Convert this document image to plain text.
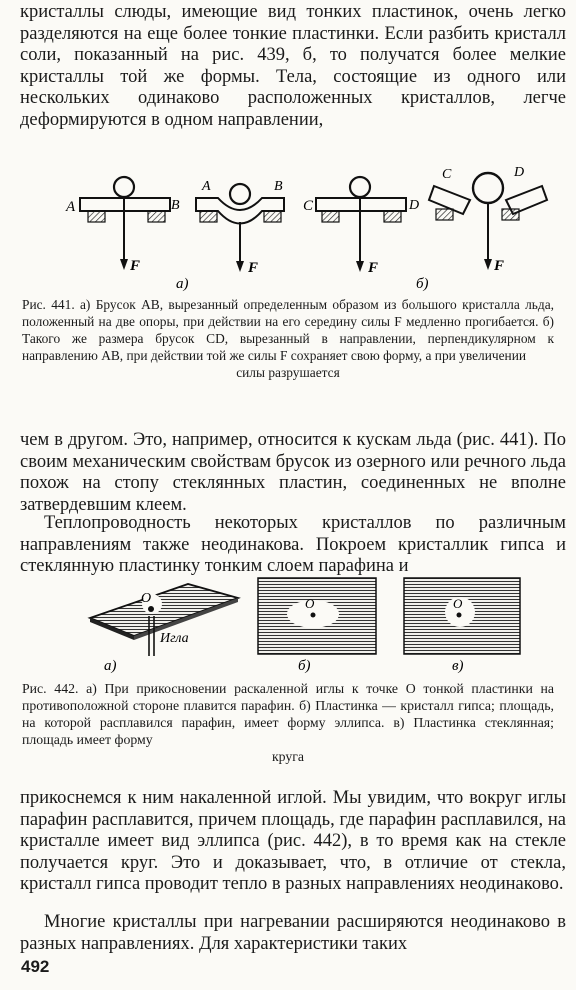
кристаллы слюды, имеющие вид тонких пластинок, очень легко разделяются на еще более тонкие пластинки. Если разбить кристалл соли, показанный на рис. 439, б, то получатся более мелкие кристаллы той же формы. Тела, состоящие из одного или нескольких одинаково расположенных кристаллов, легче деформируются в одном направлении,

A	B
F
A	B
F
а)
C	D
F
C	D
F
б)

Рис. 441. а) Брусок AB, вырезанный определенным образом из большого кристалла льда, положенный на две опоры, при действии на его середину силы F медленно прогибается. б) Такого же размера брусок CD, вырезанный в направлении, перпендикулярном к направлению AB, при действии той же силы F сохраняет свою форму, а при увеличении
силы разрушается

чем в другом. Это, например, относится к кускам льда (рис. 441). По своим механическим свойствам брусок из озерного или речного льда похож на стопу стеклянных пластин, соединенных не вполне затвердевшим клеем.

Теплопроводность некоторых кристаллов по различным направлениям также неодинакова. Покроем кристаллик гипса и стеклянную пластинку тонким слоем парафина и

O
Игла
а)
O
б)
O
в)

Рис. 442. а) При прикосновении раскаленной иглы к точке O тонкой пластинки на противоположной стороне плавится парафин. б) Пластинка — кристалл гипса; площадь, на которой расплавился парафин, имеет форму эллипса. в) Пластинка стеклянная; площадь имеет форму
круга

прикоснемся к ним накаленной иглой. Мы увидим, что вокруг иглы парафин расплавится, причем площадь, где парафин расплавился, на кристалле имеет вид эллипса (рис. 442), в то время как на стекле получается круг. Это и доказывает, что, в отличие от стекла, кристалл гипса проводит тепло в разных направлениях неодинаково.

Многие кристаллы при нагревании расширяются неодинаково в разных направлениях. Для характеристики таких

492
